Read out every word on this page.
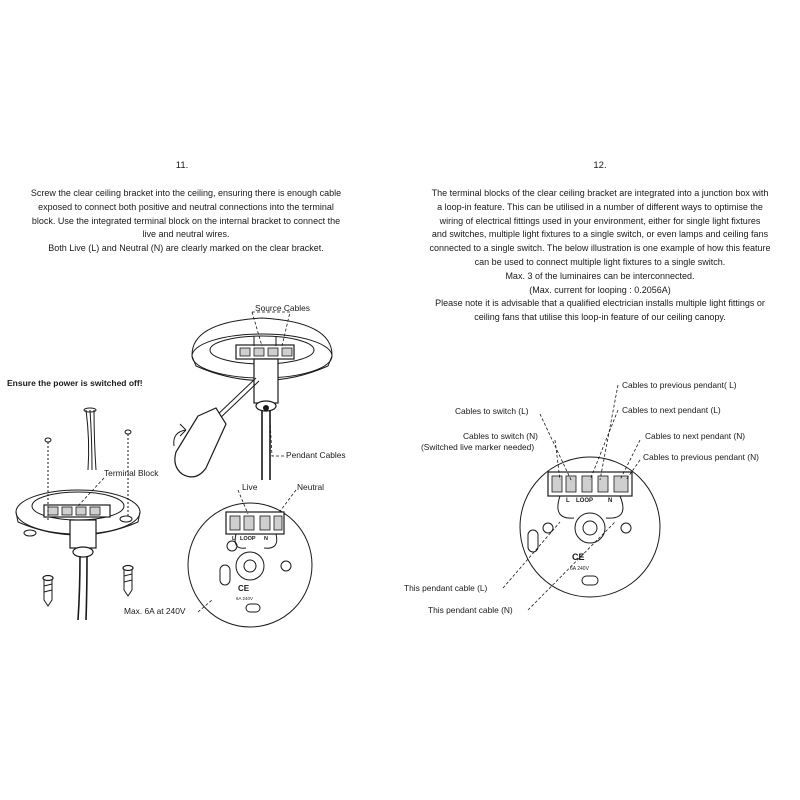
11.
Screw the clear ceiling bracket into the ceiling, ensuring there is enough cable
exposed to connect both positive and neutral connections into the terminal
block. Use the integrated terminal block on the internal bracket to connect the
live and neutral wires.
Both Live (L) and Neutral (N) are clearly marked on the clear bracket.
Ensure the power is switched off!
12.
The terminal blocks of the clear ceiling bracket are integrated into a junction box with
a loop-in feature. This can be utilised in a number of different ways to optimise the
wiring of electrical fittings used in your environment, either for single light fixtures
and switches, multiple light fixtures to a single switch, or even lamps and ceiling fans
connected to a single switch. The below illustration is one example of how this feature
can be used to connect multiple light fixtures to a single switch.
Max. 3 of the luminaires can be interconnected.
(Max. current for looping : 0.2056A)
Please note it is advisable that a qualified electrician installs multiple light fittings or
ceiling fans that utilise this loop-in feature of our ceiling canopy.
LOOP
L	N
CE
6A 240V
LOOP
L	N
CE
6A 240V
Source Cables
Pendant Cables
Terminal Block
Live	Neutral
Max. 6A at 240V
Cables to previous pendant( L)
Cables to next pendant (L)
Cables to switch (L)
Cables to switch (N)
(Switched live marker needed)
Cables to next pendant (N)
Cables to previous pendant (N)
This pendant cable (L)
This pendant cable (N)
